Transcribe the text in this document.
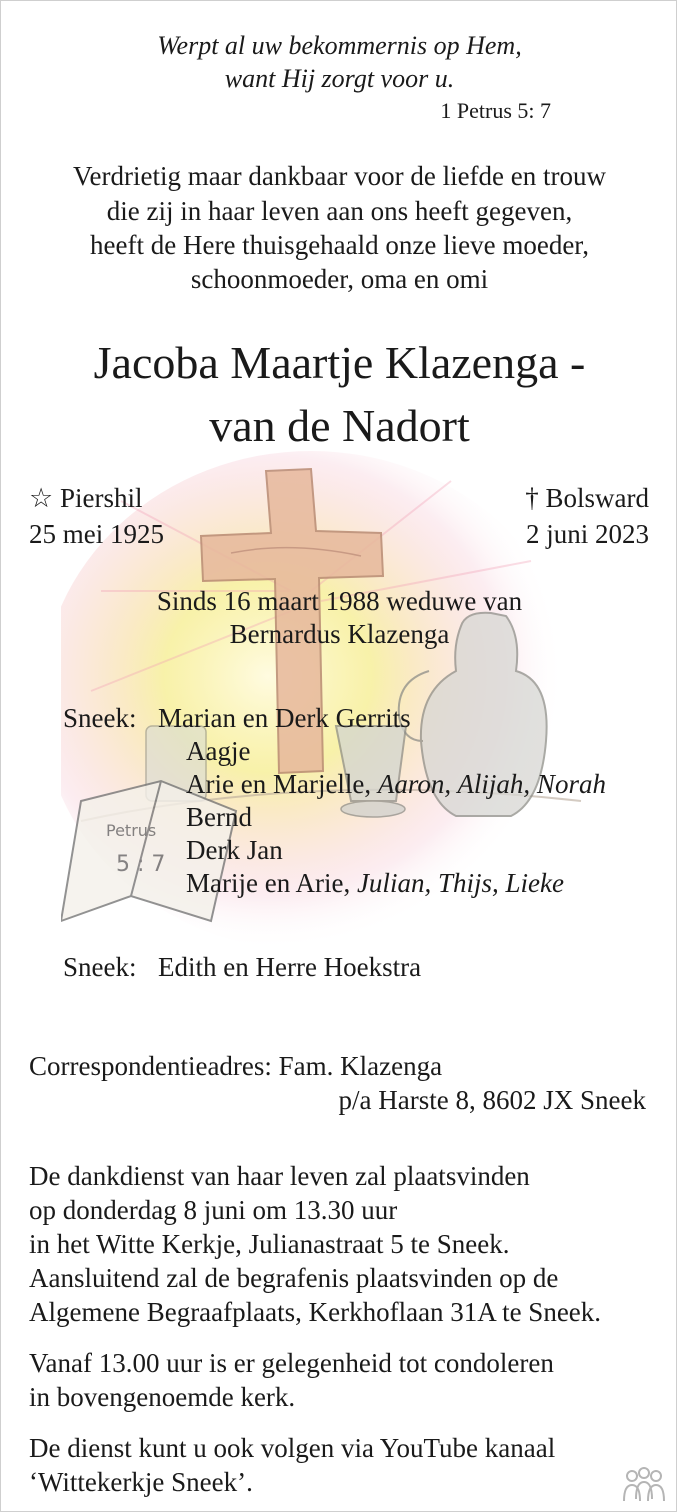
Petrus
5 : 7
Werpt al uw bekommernis op Hem,
want Hij zorgt voor u.
1 Petrus 5: 7
Verdrietig maar dankbaar voor de liefde en trouw
die zij in haar leven aan ons heeft gegeven,
heeft de Here thuisgehaald onze lieve moeder,
schoonmoeder, oma en omi
Jacoba Maartje Klazenga -
van de Nadort
☆ Piershil
25 mei 1925
† Bolsward
2 juni 2023
Sinds 16 maart 1988 weduwe van
Bernardus Klazenga
Sneek: Marian en Derk Gerrits
Aagje
Arie en Marjelle, Aaron, Alijah, Norah
Bernd
Derk Jan
Marije en Arie, Julian, Thijs, Lieke
Sneek: Edith en Herre Hoekstra
Correspondentieadres: Fam. Klazenga
p/a Harste 8, 8602 JX Sneek
De dankdienst van haar leven zal plaatsvinden
op donderdag 8 juni om 13.30 uur
in het Witte Kerkje, Julianastraat 5 te Sneek.
Aansluitend zal de begrafenis plaatsvinden op de
Algemene Begraafplaats, Kerkhoflaan 31A te Sneek.
Vanaf 13.00 uur is er gelegenheid tot condoleren
in bovengenoemde kerk.
De dienst kunt u ook volgen via YouTube kanaal
‘Wittekerkje Sneek’.
